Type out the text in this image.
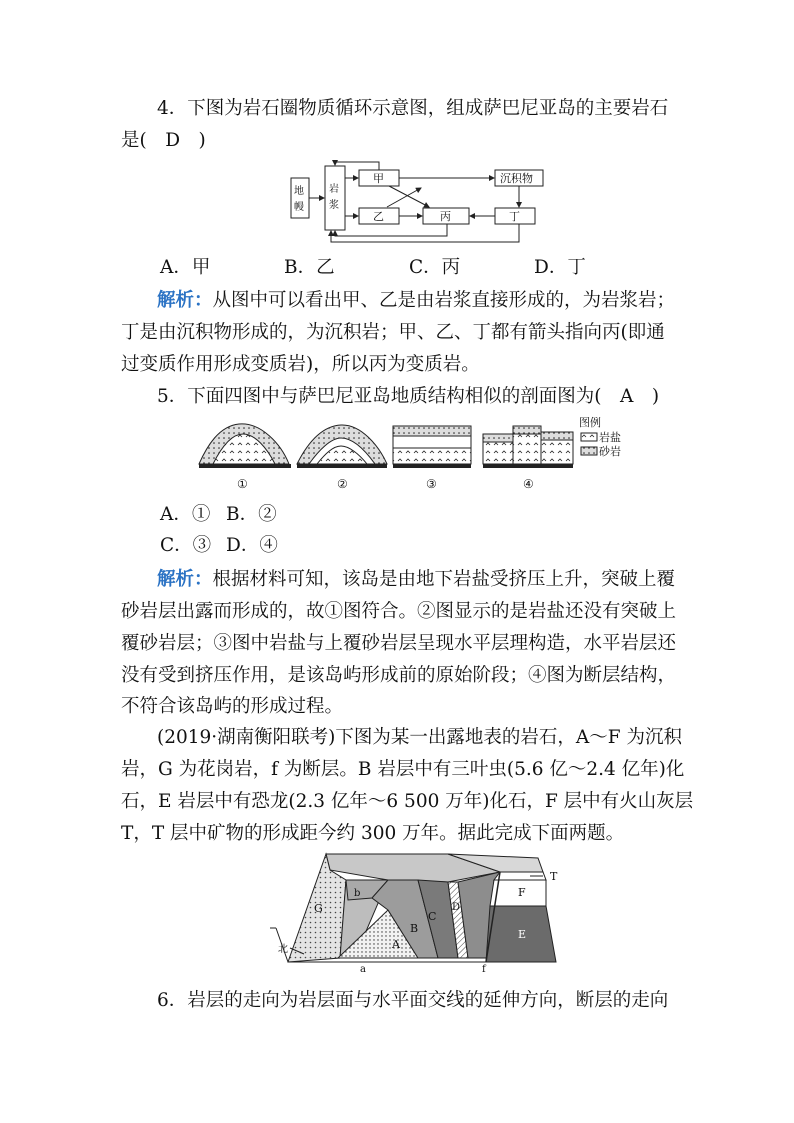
4．下图为岩石圈物质循环示意图，组成萨巴尼亚岛的主要岩石
是(　D　)
地
幔
岩
浆
甲
乙	丙
沉积物
丁
A．甲	B．乙	C．丙	D．丁
解析：从图中可以看出甲、乙是由岩浆直接形成的，为岩浆岩；
丁是由沉积物形成的，为沉积岩；甲、乙、丁都有箭头指向丙(即通
过变质作用形成变质岩)，所以丙为变质岩。
5．下面四图中与萨巴尼亚岛地质结构相似的剖面图为(　A　)
图例
岩盐
砂岩
①	②	③	④
A．① B．②
C．③ D．④
解析：根据材料可知，该岛是由地下岩盐受挤压上升，突破上覆
砂岩层出露而形成的，故①图符合。②图显示的是岩盐还没有突破上
覆砂岩层；③图中岩盐与上覆砂岩层呈现水平层理构造，水平岩层还
没有受到挤压作用，是该岛屿形成前的原始阶段；④图为断层结构，
不符合该岛屿的形成过程。
(2019·湖南衡阳联考)下图为某一出露地表的岩石，A～F 为沉积
岩，G 为花岗岩，f 为断层。B 岩层中有三叶虫(5.6 亿～2.4 亿年)化
石，E 岩层中有恐龙(2.3 亿年～6 500 万年)化石，F 层中有火山灰层
T，T 层中矿物的形成距今约 300 万年。据此完成下面两题。
G
b
A
B
C
D
F
E
T
a	f
北
6．岩层的走向为岩层面与水平面交线的延伸方向，断层的走向
